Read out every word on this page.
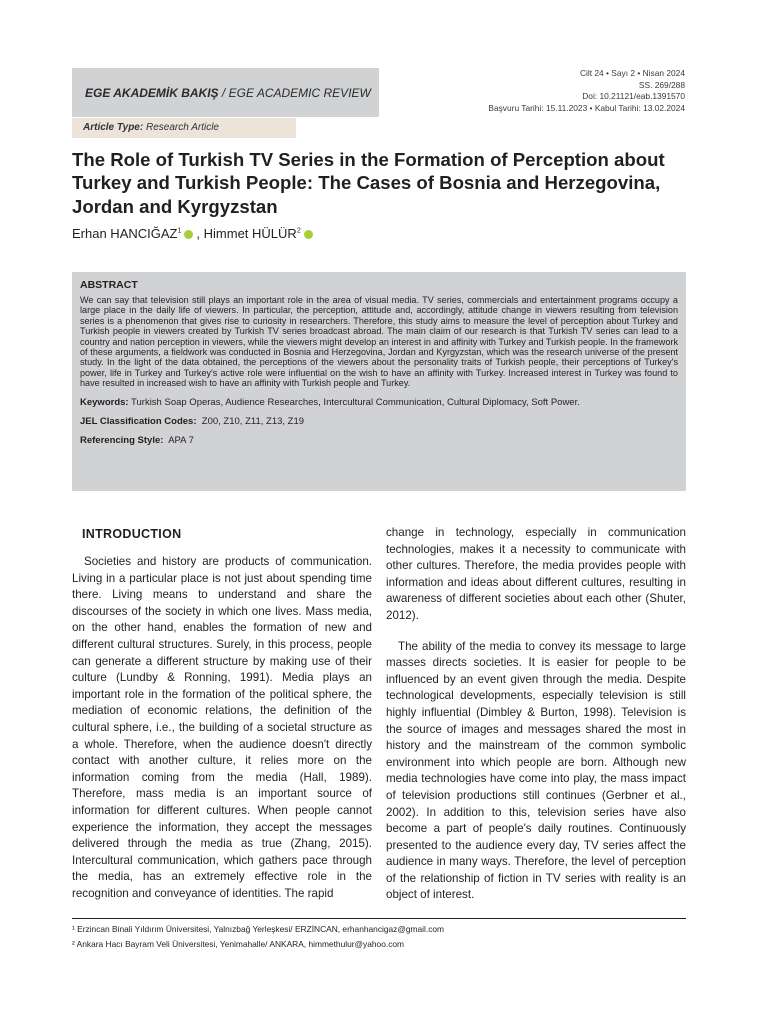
EGE AKADEMİK BAKIŞ
/
EGE ACADEMIC REVIEW
Cilt 24 • Sayı 2 • Nisan 2024
SS. 269/288
Doi: 10.21121/eab.1391570
Başvuru Tarihi: 15.11.2023 • Kabul Tarihi: 13.02.2024
Article Type: Research Article
The Role of Turkish TV Series in the Formation of Perception about Turkey and Turkish People: The Cases of Bosnia and Herzegovina, Jordan and Kyrgyzstan
Erhan HANCIĞAZ$^1$ , Himmet HÜLÜR$^2$

ABSTRACT

We can say that television still plays an important role in the area of visual media. TV series, commercials and entertainment programs occupy a large place in the daily life of viewers. In particular, the perception, attitude and, accordingly, attitude change in viewers resulting from television series is a phenomenon that gives rise to curiosity in researchers. Therefore, this study aims to measure the level of perception about Turkey and Turkish people in viewers created by Turkish TV series broadcast abroad. The main claim of our research is that Turkish TV series can lead to a country and nation perception in viewers, while the viewers might develop an interest in and affinity with Turkey and Turkish people. In the framework of these arguments, a fieldwork was conducted in Bosnia and Herzegovina, Jordan and Kyrgyzstan, which was the research universe of the present study. In the light of the data obtained, the perceptions of the viewers about the personality traits of Turkish people, their perceptions of Turkey's power, life in Turkey and Turkey's active role were influential on the wish to have an affinity with Turkey. Increased interest in Turkey was found to have resulted in increased wish to have an affinity with Turkish people and Turkey.

Keywords: Turkish Soap Operas, Audience Researches, Intercultural Communication, Cultural Diplomacy, Soft Power.

JEL Classification Codes: Z00, Z10, Z11, Z13, Z19

Referencing Style: APA 7

INTRODUCTION

Societies and history are products of communication. Living in a particular place is not just about spending time there. Living means to understand and share the discourses of the society in which one lives. Mass media, on the other hand, enables the formation of new and different cultural structures. Surely, in this process, people can generate a different structure by making use of their culture (Lundby & Ronning, 1991). Media plays an important role in the formation of the political sphere, the mediation of economic relations, the definition of the cultural sphere, i.e., the building of a societal structure as a whole. Therefore, when the audience doesn't directly contact with another culture, it relies more on the information coming from the media (Hall, 1989). Therefore, mass media is an important source of information for different cultures. When people cannot experience the information, they accept the messages delivered through the media as true (Zhang, 2015). Intercultural communication, which gathers pace through the media, has an extremely effective role in the recognition and conveyance of identities. The rapid

change in technology, especially in communication technologies, makes it a necessity to communicate with other cultures. Therefore, the media provides people with information and ideas about different cultures, resulting in awareness of different societies about each other (Shuter, 2012).

The ability of the media to convey its message to large masses directs societies. It is easier for people to be influenced by an event given through the media. Despite technological developments, especially television is still highly influential (Dimbley & Burton, 1998). Television is the source of images and messages shared the most in history and the mainstream of the common symbolic environment into which people are born. Although new media technologies have come into play, the mass impact of television productions still continues (Gerbner et al., 2002). In addition to this, television series have also become a part of people's daily routines. Continuously presented to the audience every day, TV series affect the audience in many ways. Therefore, the level of perception of the relationship of fiction in TV series with reality is an object of interest.

¹ Erzincan Binali Yıldırım Üniversitesi, Yalnızbağ Yerleşkesi/ ERZİNCAN, erhanhancigaz@gmail.com

² Ankara Hacı Bayram Veli Üniversitesi, Yenimahalle/ ANKARA, himmethulur@yahoo.com
